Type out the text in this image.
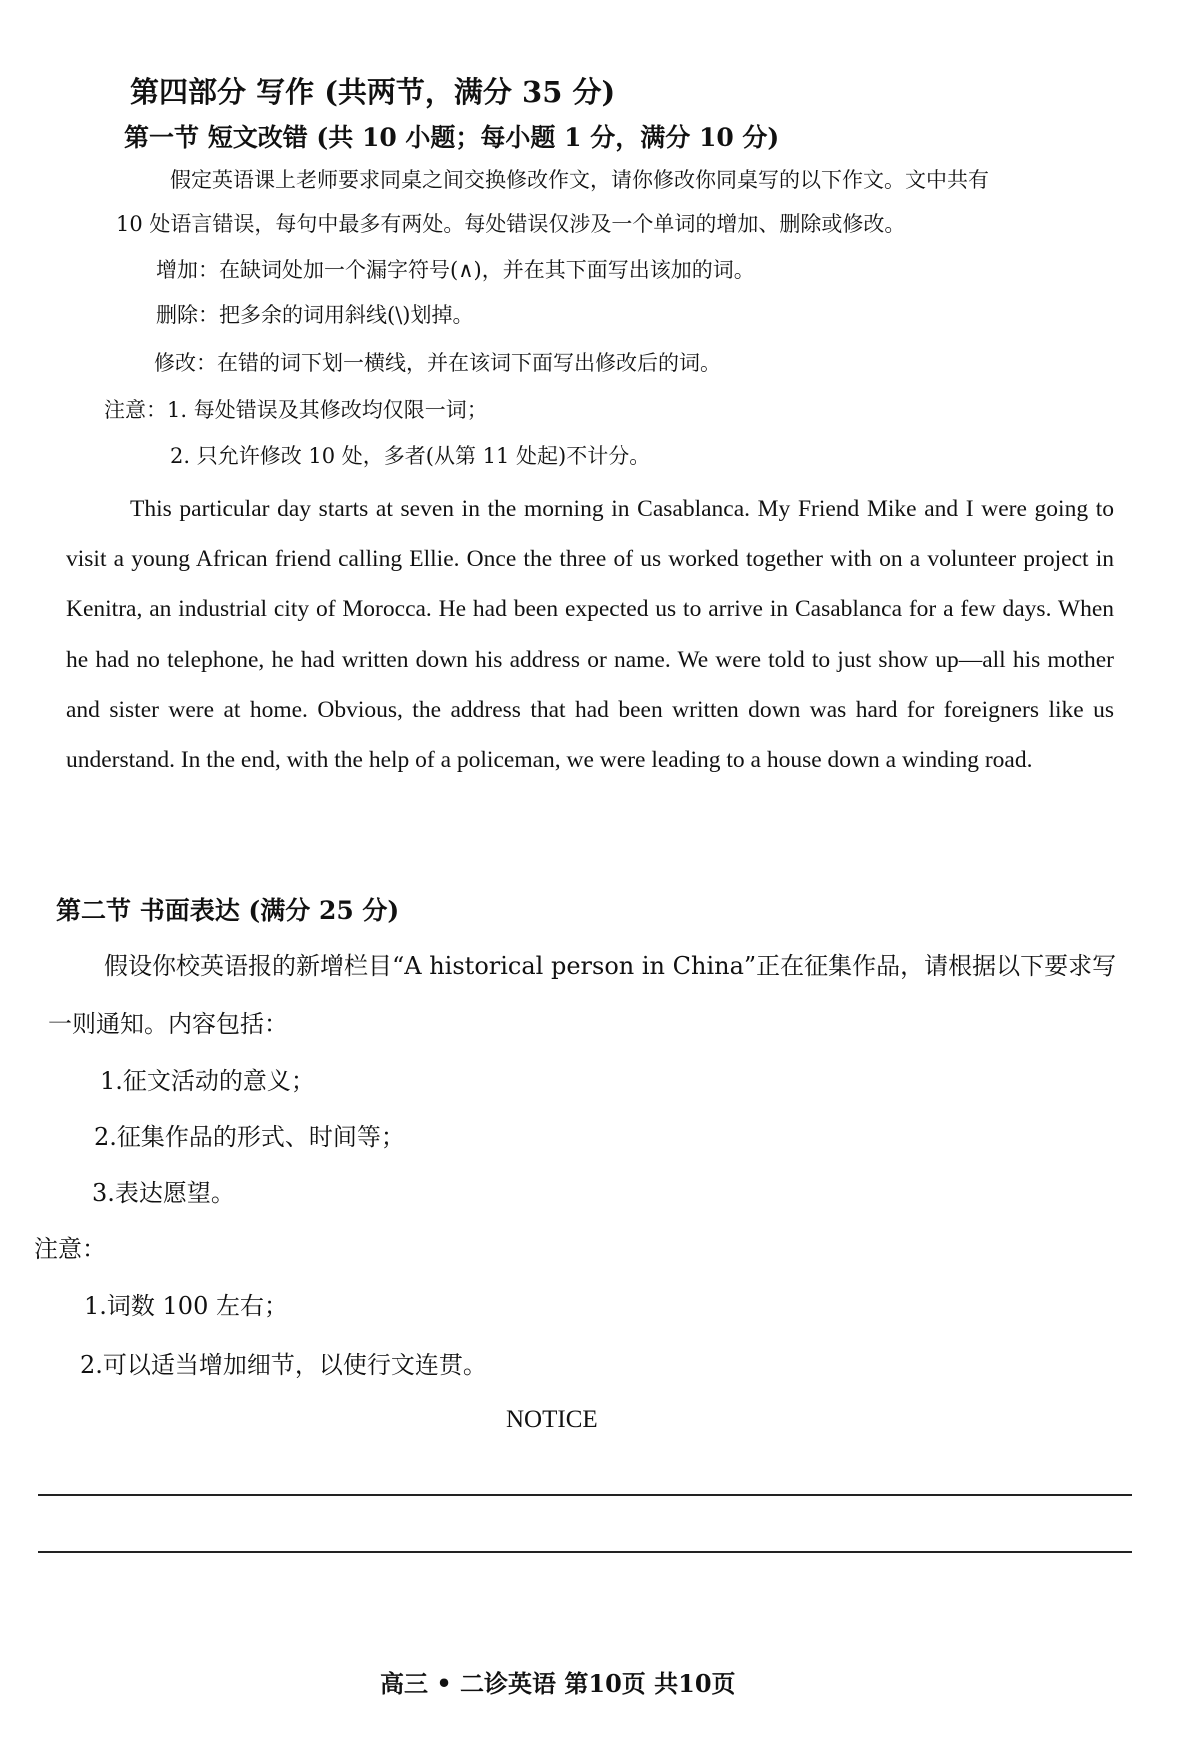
第四部分 写作 (共两节，满分 35 分)
第一节 短文改错 (共 10 小题；每小题 1 分，满分 10 分)
假定英语课上老师要求同桌之间交换修改作文，请你修改你同桌写的以下作文。文中共有
10 处语言错误，每句中最多有两处。每处错误仅涉及一个单词的增加、删除或修改。
增加：在缺词处加一个漏字符号(∧)，并在其下面写出该加的词。
删除：把多余的词用斜线(\)划掉。
修改：在错的词下划一横线，并在该词下面写出修改后的词。
注意：1. 每处错误及其修改均仅限一词；
2. 只允许修改 10 处，多者(从第 11 处起)不计分。
This particular day starts at seven in the morning in Casablanca. My Friend Mike and I were going to visit a young African friend calling Ellie. Once the three of us worked together with on a volunteer project in Kenitra, an industrial city of Morocca. He had been expected us to arrive in Casablanca for a few days. When he had no telephone, he had written down his address or name. We were told to just show up—all his mother and sister were at home. Obvious, the address that had been written down was hard for foreigners like us understand. In the end, with the help of a policeman, we were leading to a house down a winding road.
第二节 书面表达 (满分 25 分)
假设你校英语报的新增栏目“A historical person in China”正在征集作品，请根据以下要求写
一则通知。内容包括：
1.征文活动的意义；
2.征集作品的形式、时间等；
3.表达愿望。
注意：
1.词数 100 左右；
2.可以适当增加细节，以使行文连贯。
NOTICE
高三 • 二诊英语 第10页 共10页
